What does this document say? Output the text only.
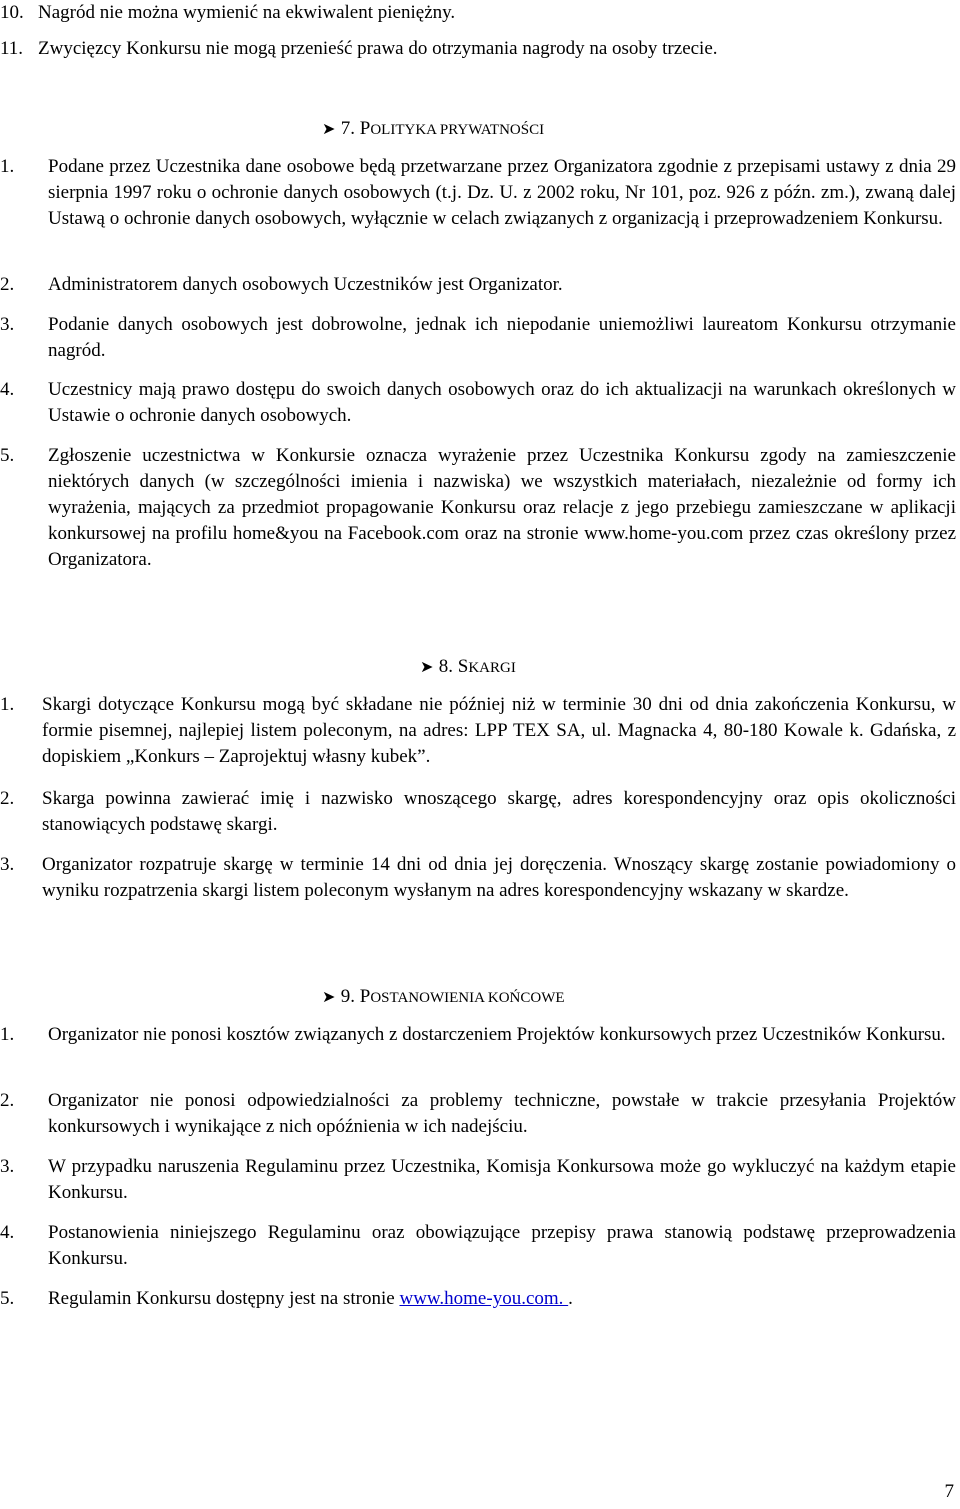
10. Nagród nie można wymienić na ekwiwalent pieniężny.
11. Zwycięzcy Konkursu nie mogą przenieść prawa do otrzymania nagrody na osoby trzecie.
➤ 7. POLITYKA PRYWATNOŚCI
1. Podane przez Uczestnika dane osobowe będą przetwarzane przez Organizatora zgodnie z przepisami ustawy z dnia 29 sierpnia 1997 roku o ochronie danych osobowych (t.j. Dz. U. z 2002 roku, Nr 101, poz. 926 z późn. zm.), zwaną dalej Ustawą o ochronie danych osobowych, wyłącznie w celach związanych z organizacją i przeprowadzeniem Konkursu.
2. Administratorem danych osobowych Uczestników jest Organizator.
3. Podanie danych osobowych jest dobrowolne, jednak ich niepodanie uniemożliwi laureatom Konkursu otrzymanie nagród.
4. Uczestnicy mają prawo dostępu do swoich danych osobowych oraz do ich aktualizacji na warunkach określonych w Ustawie o ochronie danych osobowych.
5. Zgłoszenie uczestnictwa w Konkursie oznacza wyrażenie przez Uczestnika Konkursu zgody na zamieszczenie niektórych danych (w szczególności imienia i nazwiska) we wszystkich materiałach, niezależnie od formy ich wyrażenia, mających za przedmiot propagowanie Konkursu oraz relacje z jego przebiegu zamieszczane w aplikacji konkursowej na profilu home&you na Facebook.com oraz na stronie www.home-you.com przez czas określony przez Organizatora.
➤ 8. SKARGI
1. Skargi dotyczące Konkursu mogą być składane nie później niż w terminie 30 dni od dnia zakończenia Konkursu, w formie pisemnej, najlepiej listem poleconym, na adres: LPP TEX SA, ul. Magnacka 4, 80-180 Kowale k. Gdańska, z dopiskiem „Konkurs – Zaprojektuj własny kubek”.
2. Skarga powinna zawierać imię i nazwisko wnoszącego skargę, adres korespondencyjny oraz opis okoliczności stanowiących podstawę skargi.
3. Organizator rozpatruje skargę w terminie 14 dni od dnia jej doręczenia. Wnoszący skargę zostanie powiadomiony o wyniku rozpatrzenia skargi listem poleconym wysłanym na adres korespondencyjny wskazany w skardze.
➤ 9. POSTANOWIENIA KOŃCOWE
1. Organizator nie ponosi kosztów związanych z dostarczeniem Projektów konkursowych przez Uczestników Konkursu.
2. Organizator nie ponosi odpowiedzialności za problemy techniczne, powstałe w trakcie przesyłania Projektów konkursowych i wynikające z nich opóźnienia w ich nadejściu.
3. W przypadku naruszenia Regulaminu przez Uczestnika, Komisja Konkursowa może go wykluczyć na każdym etapie Konkursu.
4. Postanowienia niniejszego Regulaminu oraz obowiązujące przepisy prawa stanowią podstawę przeprowadzenia Konkursu.
5. Regulamin Konkursu dostępny jest na stronie www.home-you.com. .
7
